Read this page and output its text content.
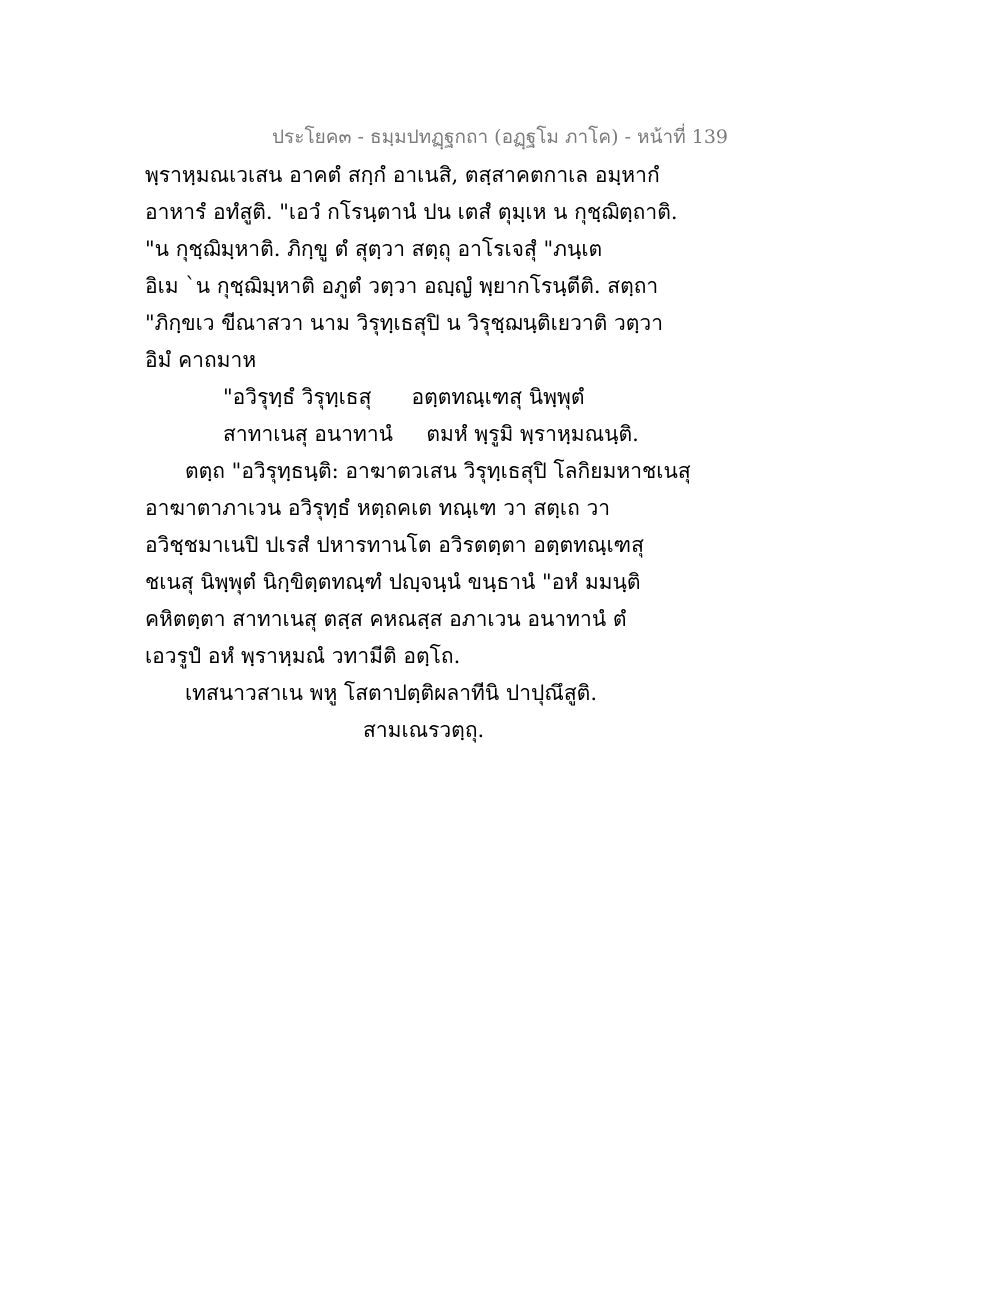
ประโยค๓ - ธมฺมปทฏฺฐกถา (อฏฺฐโม ภาโค) - หน้าที่ 139

พฺราหฺมณเวเสน อาคตํ สกฺกํ อาเนสิ, ตสฺสาคตกาเล อมฺหากํ

อาหารํ อทํสูติ. "เอวํ กโรนฺตานํ ปน เตสํ ตุมฺเห น กุชฺฌิตฺถาติ.

"น กุชฺฌิมฺหาติ. ภิกฺขู ตํ สุตฺวา สตฺถุ อาโรเจสุํ "ภนฺเต

อิเม `น กุชฺฌิมฺหาติ อภูตํ วตฺวา อญฺญํ พฺยากโรนฺตีติ. สตฺถา

"ภิกฺขเว ขีณาสวา นาม วิรุทฺเธสุปิ น วิรุชฺฌนฺติเยวาติ วตฺวา

อิมํ คาถมาห

"อวิรุทฺธํ วิรุทฺเธสุ      อตฺตทณฺเฑสุ นิพฺพุตํ

สาทาเนสุ อนาทานํ     ตมหํ พฺรูมิ พฺราหฺมณนฺติ.

ตตฺถ "อวิรุทฺธนฺติ: อาฆาตวเสน วิรุทฺเธสุปิ โลกิยมหาชเนสุ

อาฆาตาภาเวน อวิรุทฺธํ หตฺถคเต ทณฺเฑ วา สตฺเถ วา

อวิชฺชมาเนปิ ปเรสํ ปหารทานโต อวิรตตฺตา อตฺตทณฺเฑสุ

ชเนสุ นิพฺพุตํ นิกฺขิตฺตทณฺฑํ ปญฺจนฺนํ ขนฺธานํ "อหํ มมนฺติ

คหิตตฺตา สาทาเนสุ ตสฺส คหณสฺส อภาเวน อนาทานํ ตํ

เอวรูปํ อหํ พฺราหฺมณํ วทามีติ อตฺโถ.

เทสนาวสาเน พหู โสตาปตฺติผลาทีนิ ปาปุณึสูติ.

สามเณรวตฺถุ.
